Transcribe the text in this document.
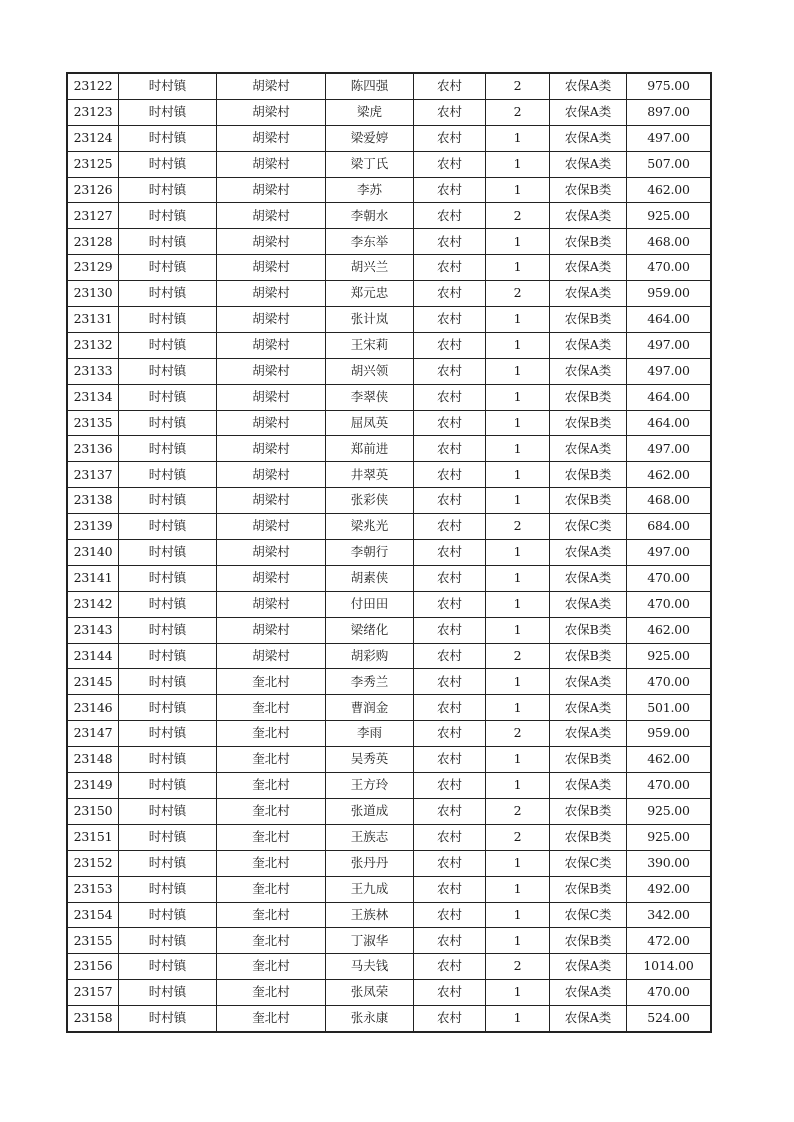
23122	时村镇	胡梁村	陈四强	农村	2	农保A类	975.00
23123	时村镇	胡梁村	梁虎	农村	2	农保A类	897.00
23124	时村镇	胡梁村	梁爱婷	农村	1	农保A类	497.00
23125	时村镇	胡梁村	梁丁氏	农村	1	农保A类	507.00
23126	时村镇	胡梁村	李苏	农村	1	农保B类	462.00
23127	时村镇	胡梁村	李朝水	农村	2	农保A类	925.00
23128	时村镇	胡梁村	李东举	农村	1	农保B类	468.00
23129	时村镇	胡梁村	胡兴兰	农村	1	农保A类	470.00
23130	时村镇	胡梁村	郑元忠	农村	2	农保A类	959.00
23131	时村镇	胡梁村	张计岚	农村	1	农保B类	464.00
23132	时村镇	胡梁村	王宋莉	农村	1	农保A类	497.00
23133	时村镇	胡梁村	胡兴领	农村	1	农保A类	497.00
23134	时村镇	胡梁村	李翠侠	农村	1	农保B类	464.00
23135	时村镇	胡梁村	屈凤英	农村	1	农保B类	464.00
23136	时村镇	胡梁村	郑前进	农村	1	农保A类	497.00
23137	时村镇	胡梁村	井翠英	农村	1	农保B类	462.00
23138	时村镇	胡梁村	张彩侠	农村	1	农保B类	468.00
23139	时村镇	胡梁村	梁兆光	农村	2	农保C类	684.00
23140	时村镇	胡梁村	李朝行	农村	1	农保A类	497.00
23141	时村镇	胡梁村	胡素侠	农村	1	农保A类	470.00
23142	时村镇	胡梁村	付田田	农村	1	农保A类	470.00
23143	时村镇	胡梁村	梁绪化	农村	1	农保B类	462.00
23144	时村镇	胡梁村	胡彩购	农村	2	农保B类	925.00
23145	时村镇	奎北村	李秀兰	农村	1	农保A类	470.00
23146	时村镇	奎北村	曹润金	农村	1	农保A类	501.00
23147	时村镇	奎北村	李雨	农村	2	农保A类	959.00
23148	时村镇	奎北村	吴秀英	农村	1	农保B类	462.00
23149	时村镇	奎北村	王方玲	农村	1	农保A类	470.00
23150	时村镇	奎北村	张道成	农村	2	农保B类	925.00
23151	时村镇	奎北村	王族志	农村	2	农保B类	925.00
23152	时村镇	奎北村	张丹丹	农村	1	农保C类	390.00
23153	时村镇	奎北村	王九成	农村	1	农保B类	492.00
23154	时村镇	奎北村	王族林	农村	1	农保C类	342.00
23155	时村镇	奎北村	丁淑华	农村	1	农保B类	472.00
23156	时村镇	奎北村	马夫钱	农村	2	农保A类	1014.00
23157	时村镇	奎北村	张凤荣	农村	1	农保A类	470.00
23158	时村镇	奎北村	张永康	农村	1	农保A类	524.00
